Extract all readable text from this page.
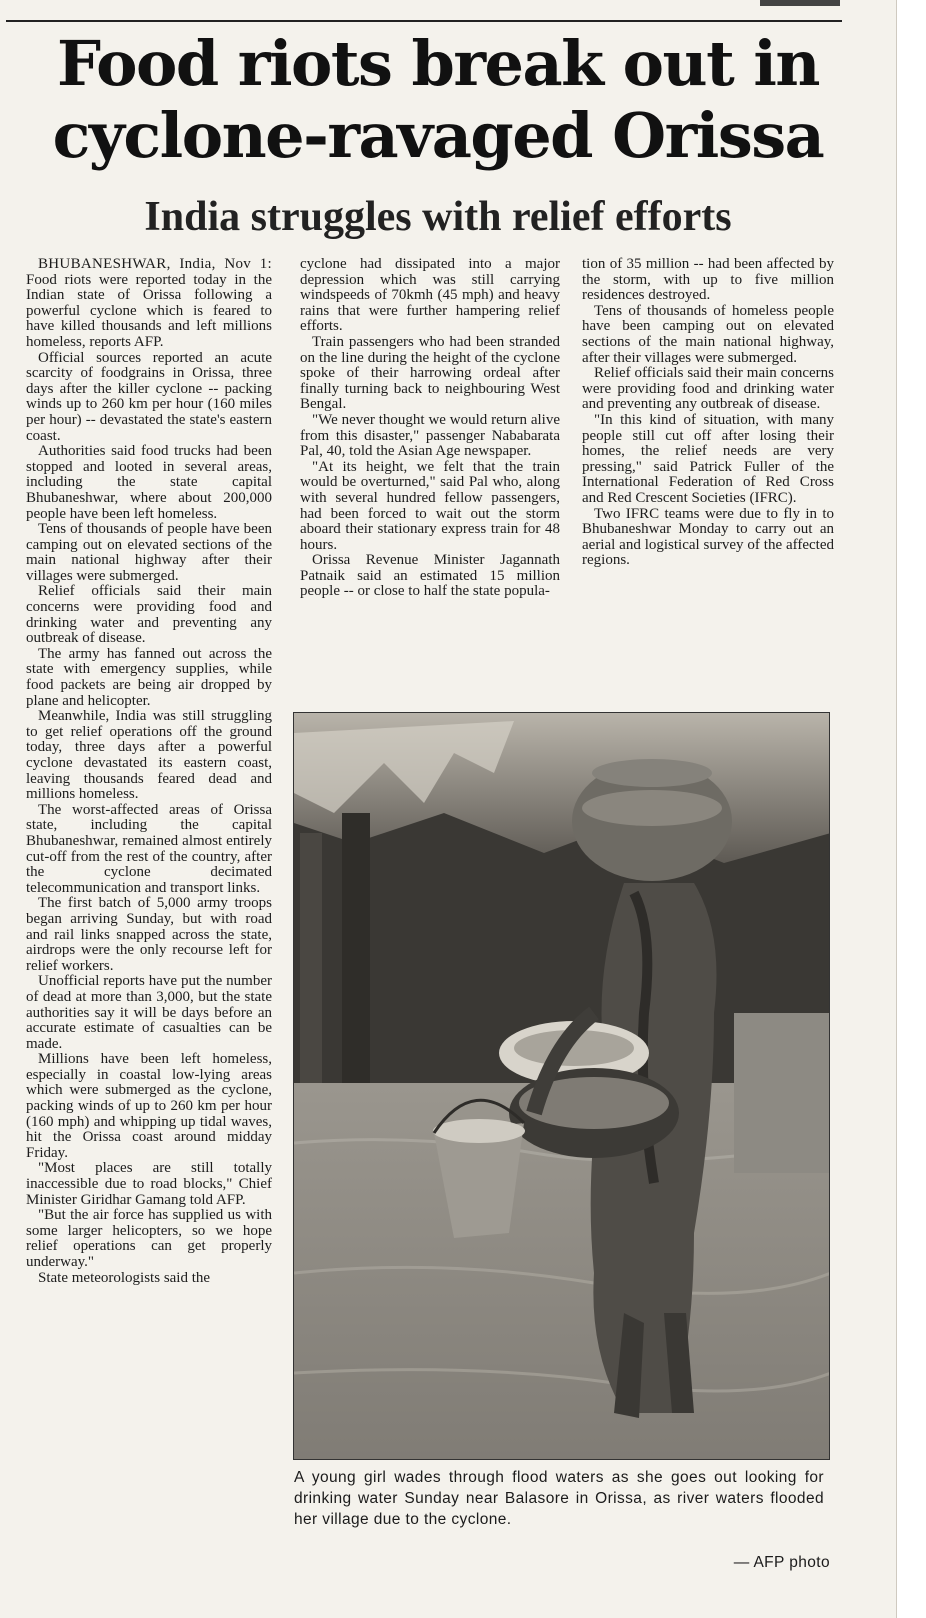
Food riots break out in
cyclone-ravaged Orissa
India struggles with relief efforts

BHUBANESHWAR, India, Nov 1: Food riots were reported today in the Indian state of Orissa following a powerful cyclone which is feared to have killed thousands and left millions homeless, reports AFP.

Official sources reported an acute scarcity of foodgrains in Orissa, three days after the killer cyclone -- packing winds up to 260 km per hour (160 miles per hour) -- devastated the state's eastern coast.

Authorities said food trucks had been stopped and looted in several areas, including the state capital Bhubaneshwar, where about 200,000 people have been left homeless.

Tens of thousands of people have been camping out on elevated sections of the main national highway after their villages were submerged.

Relief officials said their main concerns were providing food and drinking water and preventing any outbreak of disease.

The army has fanned out across the state with emergency supplies, while food packets are being air dropped by plane and helicopter.

Meanwhile, India was still struggling to get relief operations off the ground today, three days after a powerful cyclone devastated its eastern coast, leaving thousands feared dead and millions homeless.

The worst-affected areas of Orissa state, including the capital Bhubaneshwar, remained almost entirely cut-off from the rest of the country, after the cyclone decimated telecommunication and transport links.

The first batch of 5,000 army troops began arriving Sunday, but with road and rail links snapped across the state, airdrops were the only recourse left for relief workers.

Unofficial reports have put the number of dead at more than 3,000, but the state authorities say it will be days before an accurate estimate of casualties can be made.

Millions have been left homeless, especially in coastal low-lying areas which were submerged as the cyclone, packing winds of up to 260 km per hour (160 mph) and whipping up tidal waves, hit the Orissa coast around midday Friday.

"Most places are still totally inaccessible due to road blocks," Chief Minister Giridhar Gamang told AFP.

"But the air force has supplied us with some larger helicopters, so we hope relief operations can get properly underway."

State meteorologists said the

cyclone had dissipated into a major depression which was still carrying windspeeds of 70kmh (45 mph) and heavy rains that were further hampering relief efforts.

Train passengers who had been stranded on the line during the height of the cyclone spoke of their harrowing ordeal after finally turning back to neighbouring West Bengal.

"We never thought we would return alive from this disaster," passenger Nababarata Pal, 40, told the Asian Age newspaper.

"At its height, we felt that the train would be overturned," said Pal who, along with several hundred fellow passengers, had been forced to wait out the storm aboard their stationary express train for 48 hours.

Orissa Revenue Minister Jagannath Patnaik said an estimated 15 million people -- or close to half the state popula-

tion of 35 million -- had been affected by the storm, with up to five million residences destroyed.

Tens of thousands of homeless people have been camping out on elevated sections of the main national highway, after their villages were submerged.

Relief officials said their main concerns were providing food and drinking water and preventing any outbreak of disease.

"In this kind of situation, with many people still cut off after losing their homes, the relief needs are very pressing," said Patrick Fuller of the International Federation of Red Cross and Red Crescent Societies (IFRC).

Two IFRC teams were due to fly in to Bhubaneshwar Monday to carry out an aerial and logistical survey of the affected regions.

A young girl wades through flood waters as she goes out looking for drinking water Sunday near Balasore in Orissa, as river waters flooded her village due to the cyclone.

— AFP photo
